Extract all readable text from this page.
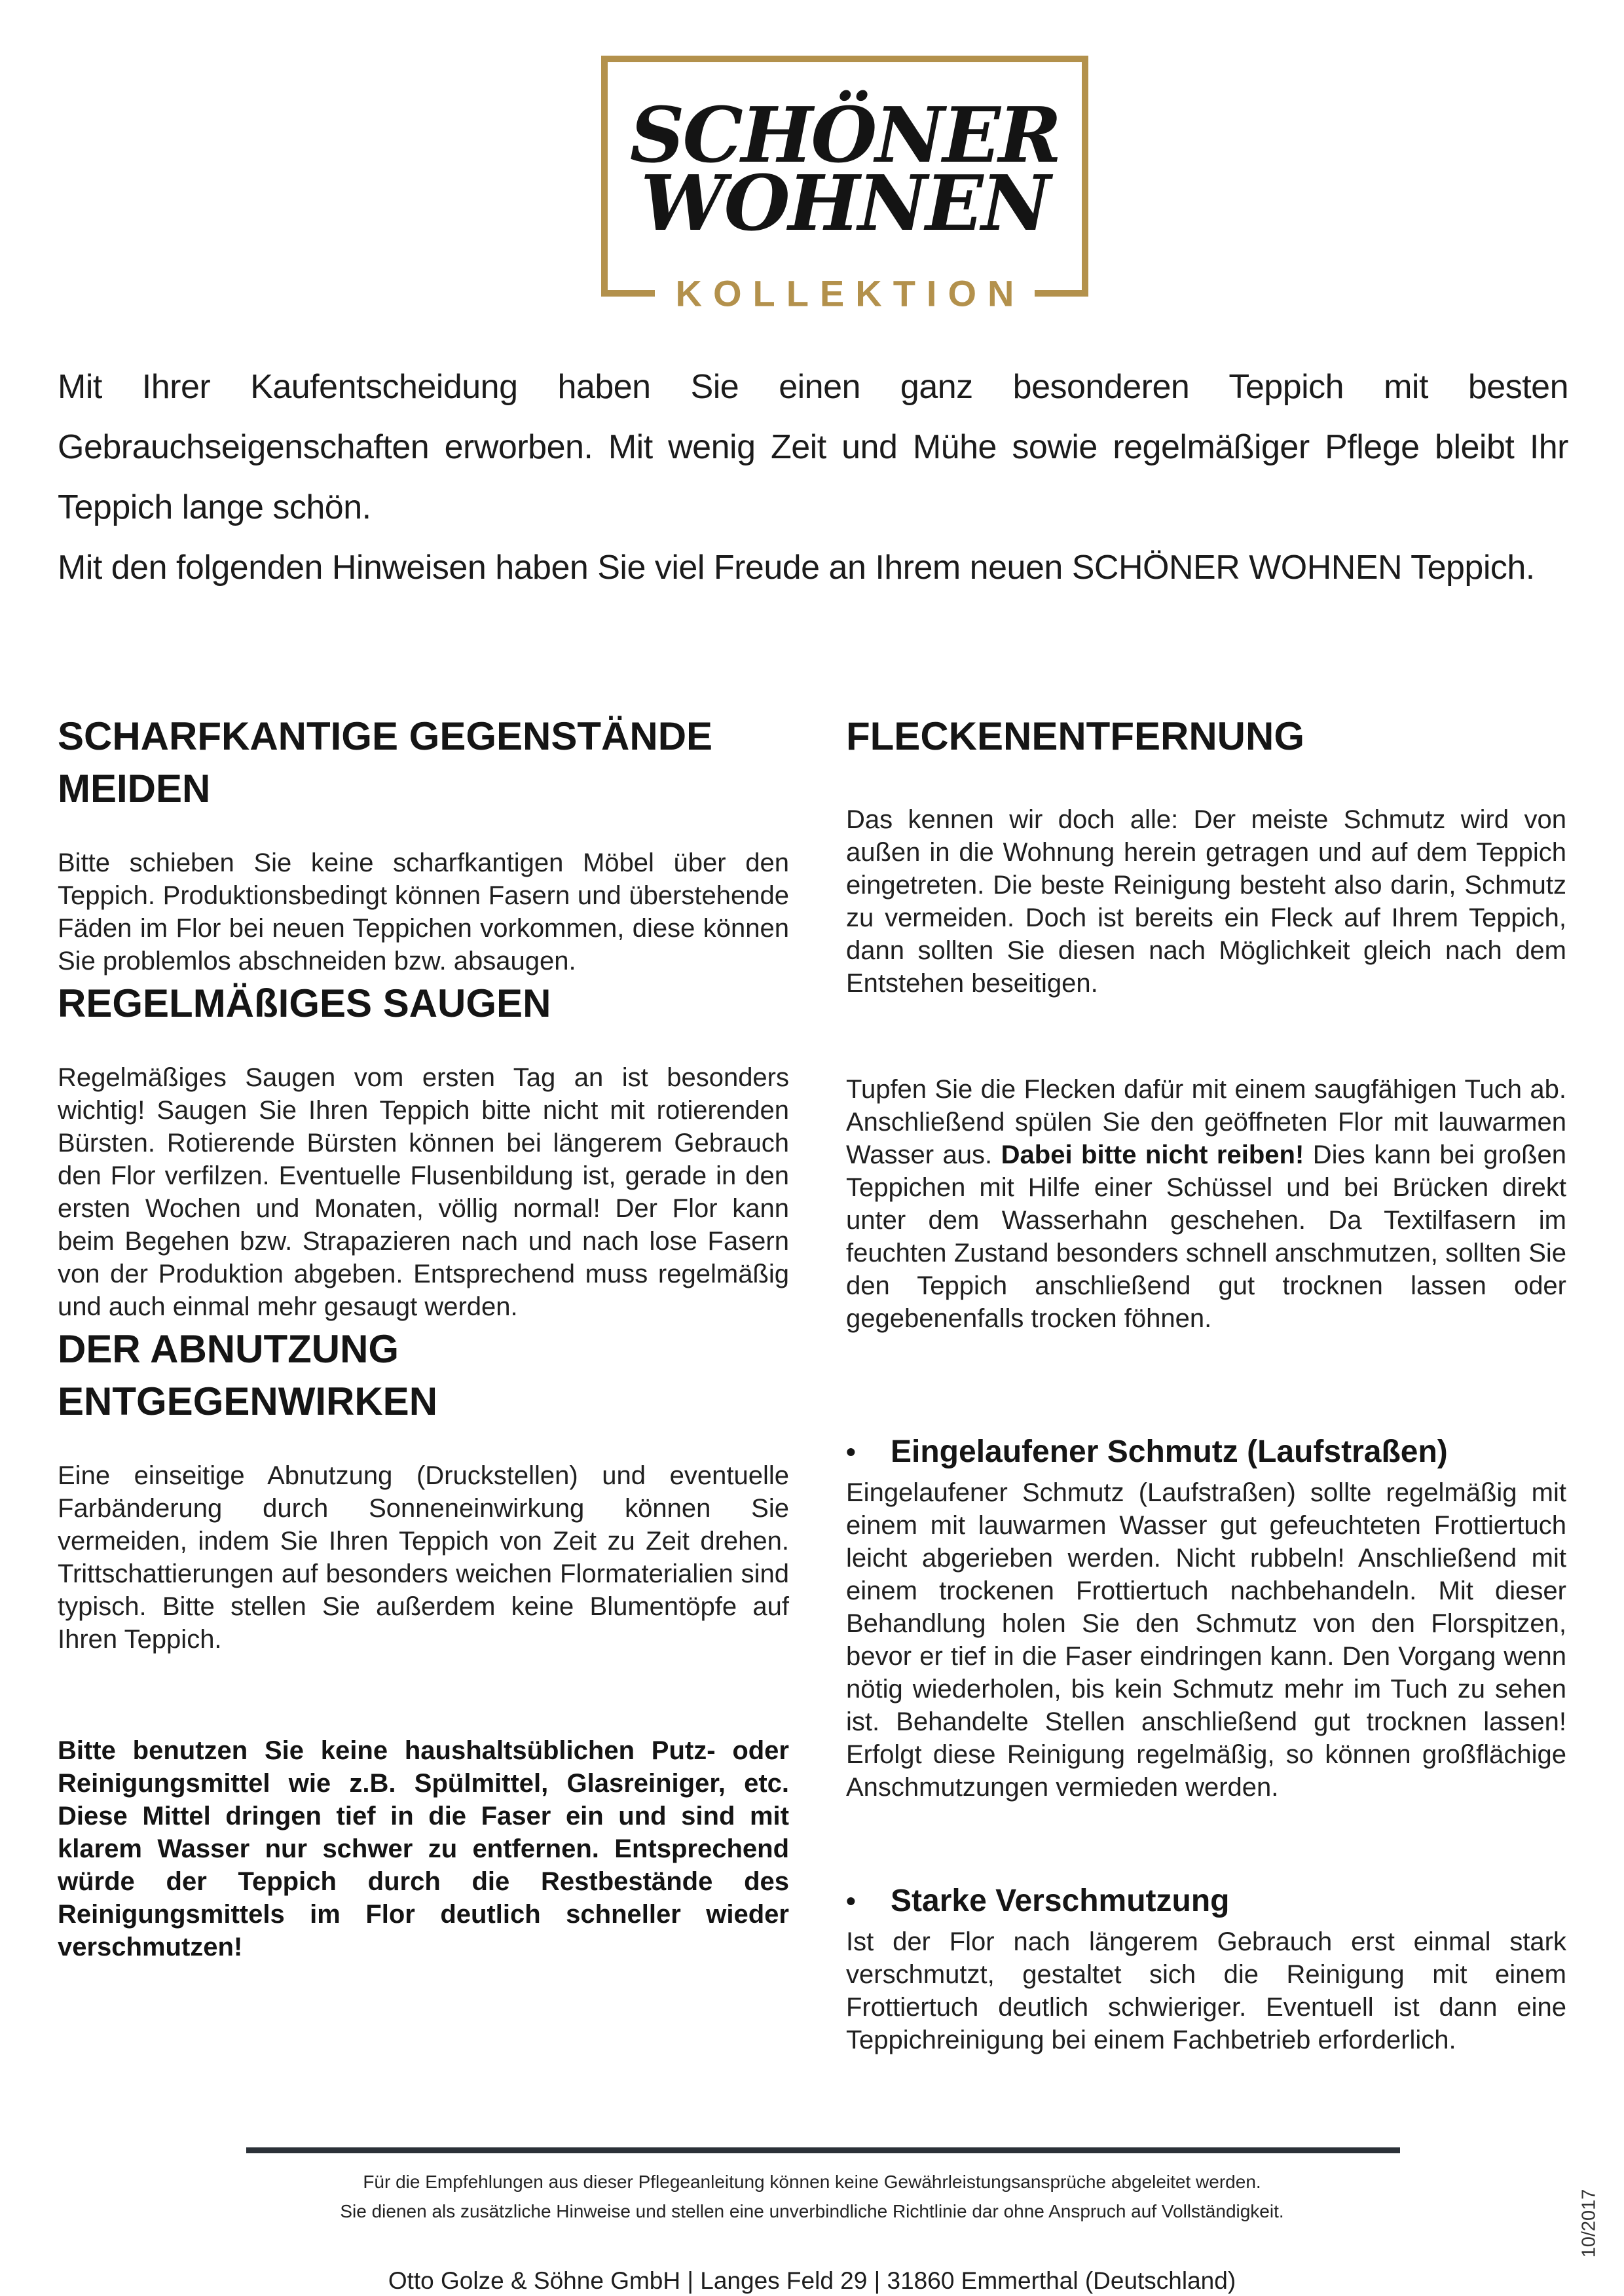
SCHÖNER
WOHNEN
KOLLEKTION

Mit Ihrer Kaufentscheidung haben Sie einen ganz besonderen Teppich mit besten Gebrauchseigenschaften erworben. Mit wenig Zeit und Mühe sowie regelmäßiger Pflege bleibt Ihr Teppich lange schön.

Mit den folgenden Hinweisen haben Sie viel Freude an Ihrem neuen SCHÖNER WOHNEN Teppich.

SCHARFKANTIGE GEGENSTÄNDE MEIDEN

Bitte schieben Sie keine scharfkantigen Möbel über den Teppich. Produktionsbedingt können Fasern und überstehende Fäden im Flor bei neuen Teppichen vorkommen, diese können Sie problemlos abschneiden bzw. absaugen.

REGELMÄßIGES SAUGEN

Regelmäßiges Saugen vom ersten Tag an ist besonders wichtig! Saugen Sie Ihren Teppich bitte nicht mit rotierenden Bürsten. Rotierende Bürsten können bei längerem Gebrauch den Flor verfilzen. Eventuelle Flusenbildung ist, gerade in den ersten Wochen und Monaten, völlig normal! Der Flor kann beim Begehen bzw. Strapazieren nach und nach lose Fasern von der Produktion abgeben. Entsprechend muss regelmäßig und auch einmal mehr gesaugt werden.

DER ABNUTZUNG ENTGEGENWIRKEN

Eine einseitige Abnutzung (Druckstellen) und eventuelle Farbänderung durch Sonneneinwirkung können Sie vermeiden, indem Sie Ihren Teppich von Zeit zu Zeit drehen. Trittschattierungen auf besonders weichen Flormaterialien sind typisch. Bitte stellen Sie außerdem keine Blumentöpfe auf Ihren Teppich.

Bitte benutzen Sie keine haushaltsüblichen Putz- oder Reinigungsmittel wie z.B. Spülmittel, Glasreiniger, etc. Diese Mittel dringen tief in die Faser ein und sind mit klarem Wasser nur schwer zu entfernen. Entsprechend würde der Teppich durch die Restbestände des Reinigungsmittels im Flor deutlich schneller wieder verschmutzen!

FLECKENENTFERNUNG

Das kennen wir doch alle: Der meiste Schmutz wird von außen in die Wohnung herein getragen und auf dem Teppich eingetreten. Die beste Reinigung besteht also darin, Schmutz zu vermeiden. Doch ist bereits ein Fleck auf Ihrem Teppich, dann sollten Sie diesen nach Möglichkeit gleich nach dem Entstehen beseitigen.

Tupfen Sie die Flecken dafür mit einem saugfähigen Tuch ab. Anschließend spülen Sie den geöffneten Flor mit lauwarmen Wasser aus. Dabei bitte nicht reiben! Dies kann bei großen Teppichen mit Hilfe einer Schüssel und bei Brücken direkt unter dem Wasserhahn geschehen. Da Textilfasern im feuchten Zustand besonders schnell anschmutzen, sollten Sie den Teppich anschließend gut trocknen lassen oder gegebenenfalls trocken föhnen.

•	Eingelaufener Schmutz (Laufstraßen)

Eingelaufener Schmutz (Laufstraßen) sollte regelmäßig mit einem mit lauwarmen Wasser gut gefeuchteten Frottiertuch leicht abgerieben werden. Nicht rubbeln! Anschließend mit einem trockenen Frottiertuch nachbehandeln. Mit dieser Behandlung holen Sie den Schmutz von den Florspitzen, bevor er tief in die Faser eindringen kann. Den Vorgang wenn nötig wiederholen, bis kein Schmutz mehr im Tuch zu sehen ist. Behandelte Stellen anschließend gut trocknen lassen! Erfolgt diese Reinigung regelmäßig, so können großflächige Anschmutzungen vermieden werden.

•	Starke Verschmutzung

Ist der Flor nach längerem Gebrauch erst einmal stark verschmutzt, gestaltet sich die Reinigung mit einem Frottiertuch deutlich schwieriger. Eventuell ist dann eine Teppichreinigung bei einem Fachbetrieb erforderlich.

Für die Empfehlungen aus dieser Pflegeanleitung können keine Gewährleistungsansprüche abgeleitet werden.

Sie dienen als zusätzliche Hinweise und stellen eine unverbindliche Richtlinie dar ohne Anspruch auf Vollständigkeit.

Otto Golze & Söhne GmbH | Langes Feld 29 | 31860 Emmerthal (Deutschland)

10/2017
